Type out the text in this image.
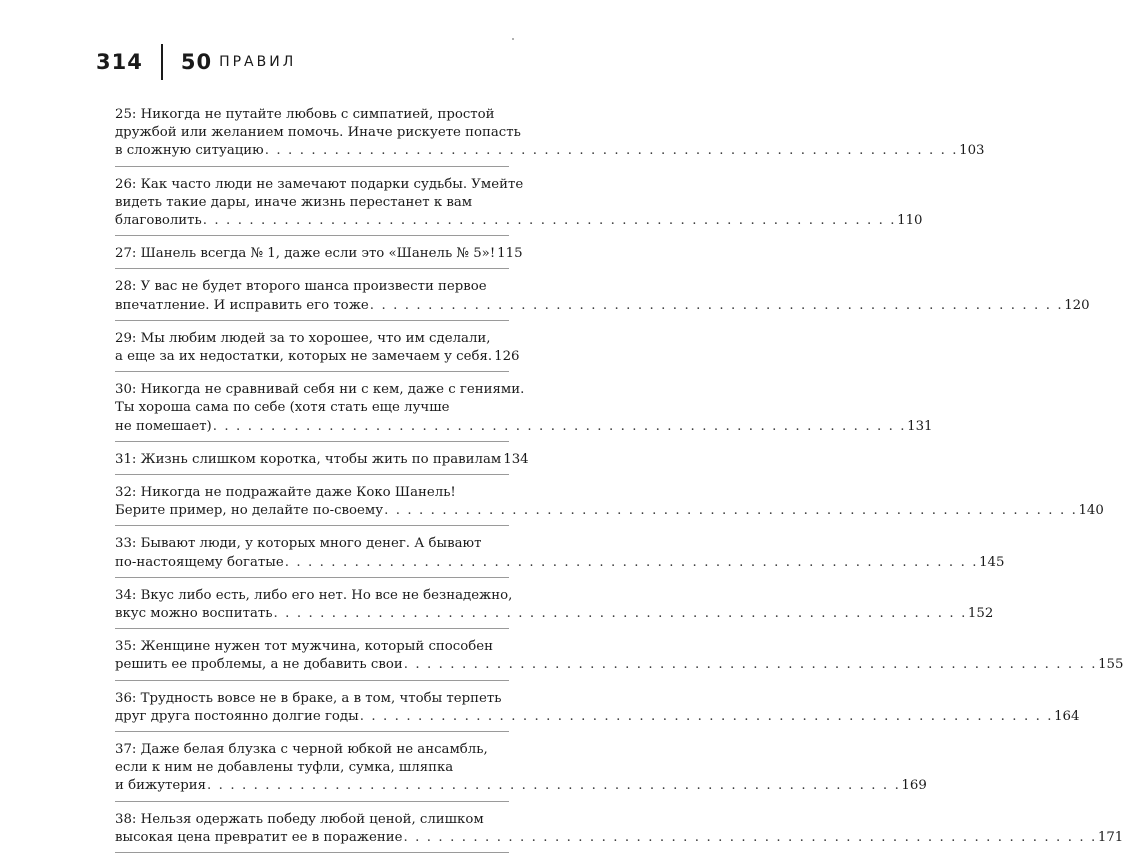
314 50 ПРАВИЛ
25: Никогда не путайте любовь с симпатией, простой
дружбой или желанием помочь. Иначе рискуете попасть
в сложную ситуацию . . . . . . . . . . . . . . . . . . . . . . . . . . . . . . . . . . . . . . . . . . . . . . . . . . . . . . . . . . . . 103
26: Как часто люди не замечают подарки судьбы. Умейте
видеть такие дары, иначе жизнь перестанет к вам
благоволить . . . . . . . . . . . . . . . . . . . . . . . . . . . . . . . . . . . . . . . . . . . . . . . . . . . . . . . . . . . . 110
27: Шанель всегда № 1, даже если это «Шанель № 5»! 115
28: У вас не будет второго шанса произвести первое
впечатление. И исправить его тоже . . . . . . . . . . . . . . . . . . . . . . . . . . . . . . . . . . . . . . . . . . . . . . . . . . . . . . . . . . . . 120
29: Мы любим людей за то хорошее, что им сделали,
а еще за их недостатки, которых не замечаем у себя. 126
30: Никогда не сравнивай себя ни с кем, даже с гениями.
Ты хороша сама по себе (хотя стать еще лучше
не помешает) . . . . . . . . . . . . . . . . . . . . . . . . . . . . . . . . . . . . . . . . . . . . . . . . . . . . . . . . . . . . 131
31: Жизнь слишком коротка, чтобы жить по правилам 134
32: Никогда не подражайте даже Коко Шанель!
Берите пример, но делайте по-своему . . . . . . . . . . . . . . . . . . . . . . . . . . . . . . . . . . . . . . . . . . . . . . . . . . . . . . . . . . . . 140
33: Бывают люди, у которых много денег. А бывают
по-настоящему богатые . . . . . . . . . . . . . . . . . . . . . . . . . . . . . . . . . . . . . . . . . . . . . . . . . . . . . . . . . . . . 145
34: Вкус либо есть, либо его нет. Но все не безнадежно,
вкус можно воспитать . . . . . . . . . . . . . . . . . . . . . . . . . . . . . . . . . . . . . . . . . . . . . . . . . . . . . . . . . . . . 152
35: Женщине нужен тот мужчина, который способен
решить ее проблемы, а не добавить свои . . . . . . . . . . . . . . . . . . . . . . . . . . . . . . . . . . . . . . . . . . . . . . . . . . . . . . . . . . . . 155
36: Трудность вовсе не в браке, а в том, чтобы терпеть
друг друга постоянно долгие годы . . . . . . . . . . . . . . . . . . . . . . . . . . . . . . . . . . . . . . . . . . . . . . . . . . . . . . . . . . . . 164
37: Даже белая блузка с черной юбкой не ансамбль,
если к ним не добавлены туфли, сумка, шляпка
и бижутерия . . . . . . . . . . . . . . . . . . . . . . . . . . . . . . . . . . . . . . . . . . . . . . . . . . . . . . . . . . . . 169
38: Нельзя одержать победу любой ценой, слишком
высокая цена превратит ее в поражение . . . . . . . . . . . . . . . . . . . . . . . . . . . . . . . . . . . . . . . . . . . . . . . . . . . . . . . . . . . . 171
